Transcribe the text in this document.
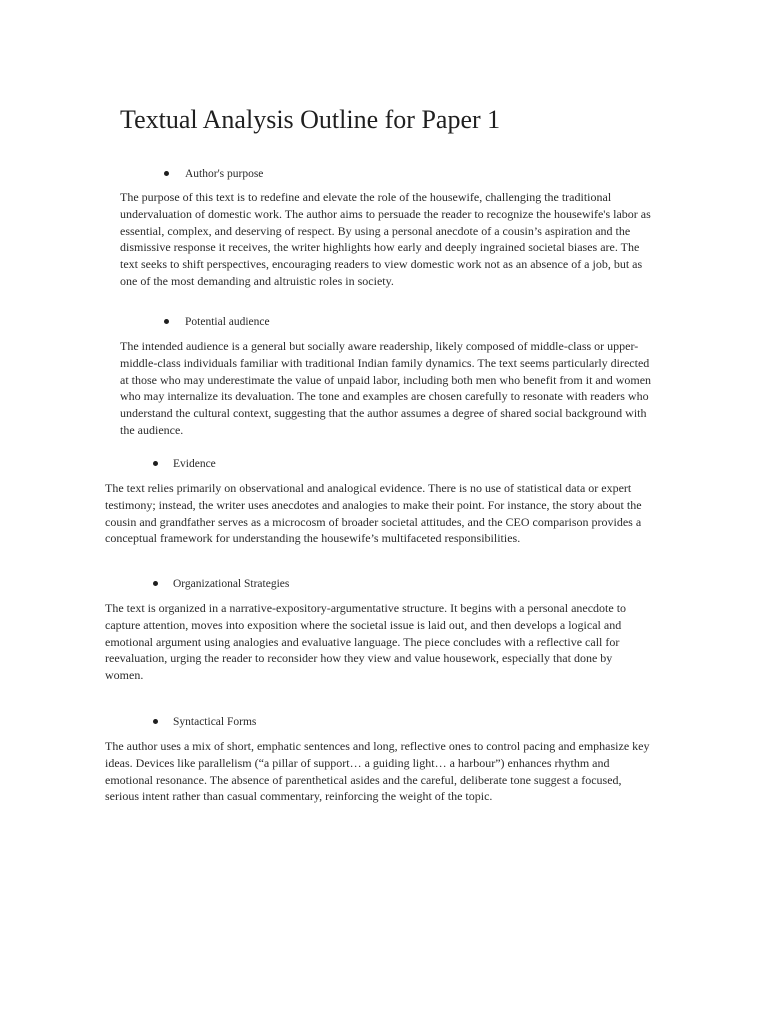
Textual Analysis Outline for Paper 1
Author's purpose

The purpose of this text is to redefine and elevate the role of the housewife, challenging the traditional undervaluation of domestic work. The author aims to persuade the reader to recognize the housewife's labor as essential, complex, and deserving of respect. By using a personal anecdote of a cousin’s aspiration and the dismissive response it receives, the writer highlights how early and deeply ingrained societal biases are. The text seeks to shift perspectives, encouraging readers to view domestic work not as an absence of a job, but as one of the most demanding and altruistic roles in society.

Potential audience

The intended audience is a general but socially aware readership, likely composed of middle-class or upper-middle-class individuals familiar with traditional Indian family dynamics. The text seems particularly directed at those who may underestimate the value of unpaid labor, including both men who benefit from it and women who may internalize its devaluation. The tone and examples are chosen carefully to resonate with readers who understand the cultural context, suggesting that the author assumes a degree of shared social background with the audience.

Evidence

The text relies primarily on observational and analogical evidence. There is no use of statistical data or expert testimony; instead, the writer uses anecdotes and analogies to make their point. For instance, the story about the cousin and grandfather serves as a microcosm of broader societal attitudes, and the CEO comparison provides a conceptual framework for understanding the housewife’s multifaceted responsibilities.

Organizational Strategies

The text is organized in a narrative-expository-argumentative structure. It begins with a personal anecdote to capture attention, moves into exposition where the societal issue is laid out, and then develops a logical and emotional argument using analogies and evaluative language. The piece concludes with a reflective call for reevaluation, urging the reader to reconsider how they view and value housework, especially that done by women.

Syntactical Forms

The author uses a mix of short, emphatic sentences and long, reflective ones to control pacing and emphasize key ideas. Devices like parallelism (“a pillar of support… a guiding light… a harbour”) enhances rhythm and emotional resonance. The absence of parenthetical asides and the careful, deliberate tone suggest a focused, serious intent rather than casual commentary, reinforcing the weight of the topic.
